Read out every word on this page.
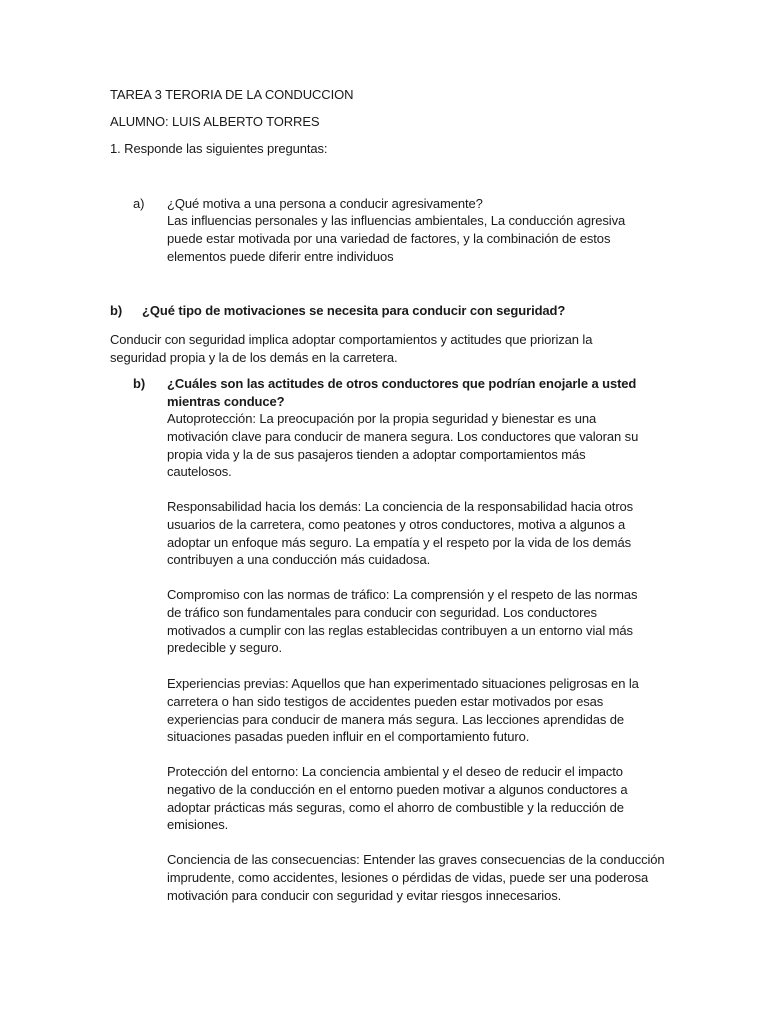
TAREA 3 TERORIA DE LA CONDUCCION
ALUMNO: LUIS ALBERTO TORRES
1. Responde las siguientes preguntas:
a) ¿Qué motiva a una persona a conducir agresivamente?
Las influencias personales y las influencias ambientales, La conducción agresiva
puede estar motivada por una variedad de factores, y la combinación de estos
elementos puede diferir entre individuos
b) ¿Qué tipo de motivaciones se necesita para conducir con seguridad?
Conducir con seguridad implica adoptar comportamientos y actitudes que priorizan la
seguridad propia y la de los demás en la carretera.
b) ¿Cuáles son las actitudes de otros conductores que podrían enojarle a usted
mientras conduce?
Autoprotección: La preocupación por la propia seguridad y bienestar es una
motivación clave para conducir de manera segura. Los conductores que valoran su
propia vida y la de sus pasajeros tienden a adoptar comportamientos más
cautelosos.
Responsabilidad hacia los demás: La conciencia de la responsabilidad hacia otros
usuarios de la carretera, como peatones y otros conductores, motiva a algunos a
adoptar un enfoque más seguro. La empatía y el respeto por la vida de los demás
contribuyen a una conducción más cuidadosa.
Compromiso con las normas de tráfico: La comprensión y el respeto de las normas
de tráfico son fundamentales para conducir con seguridad. Los conductores
motivados a cumplir con las reglas establecidas contribuyen a un entorno vial más
predecible y seguro.
Experiencias previas: Aquellos que han experimentado situaciones peligrosas en la
carretera o han sido testigos de accidentes pueden estar motivados por esas
experiencias para conducir de manera más segura. Las lecciones aprendidas de
situaciones pasadas pueden influir en el comportamiento futuro.
Protección del entorno: La conciencia ambiental y el deseo de reducir el impacto
negativo de la conducción en el entorno pueden motivar a algunos conductores a
adoptar prácticas más seguras, como el ahorro de combustible y la reducción de
emisiones.
Conciencia de las consecuencias: Entender las graves consecuencias de la conducción
imprudente, como accidentes, lesiones o pérdidas de vidas, puede ser una poderosa
motivación para conducir con seguridad y evitar riesgos innecesarios.
